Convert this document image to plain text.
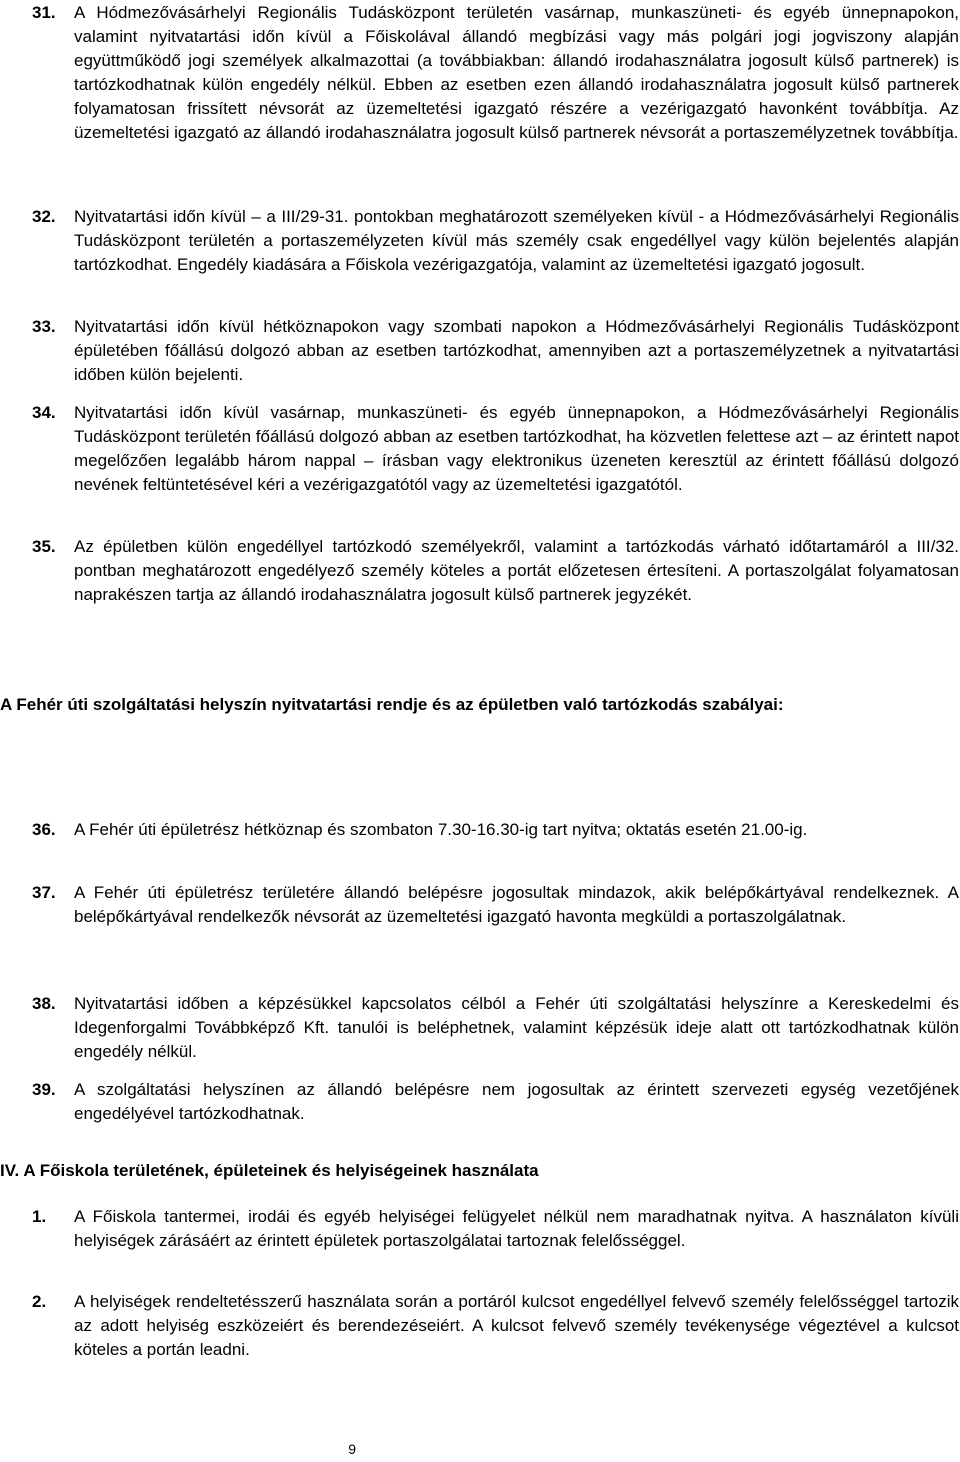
31. A Hódmezővásárhelyi Regionális Tudásközpont területén vasárnap, munkaszüneti- és egyéb ünnepnapokon, valamint nyitvatartási időn kívül a Főiskolával állandó megbízási vagy más polgári jogi jogviszony alapján együttműködő jogi személyek alkalmazottai (a továbbiakban: állandó irodahasználatra jogosult külső partnerek) is tartózkodhatnak külön engedély nélkül. Ebben az esetben ezen állandó irodahasználatra jogosult külső partnerek folyamatosan frissített névsorát az üzemeltetési igazgató részére a vezérigazgató havonként továbbítja. Az üzemeltetési igazgató az állandó irodahasználatra jogosult külső partnerek névsorát a portaszemélyzetnek továbbítja.
32. Nyitvatartási időn kívül – a III/29-31. pontokban meghatározott személyeken kívül - a Hódmezővásárhelyi Regionális Tudásközpont területén a portaszemélyzeten kívül más személy csak engedéllyel vagy külön bejelentés alapján tartózkodhat. Engedély kiadására a Főiskola vezérigazgatója, valamint az üzemeltetési igazgató jogosult.
33. Nyitvatartási időn kívül hétköznapokon vagy szombati napokon a Hódmezővásárhelyi Regionális Tudásközpont épületében főállású dolgozó abban az esetben tartózkodhat, amennyiben azt a portaszemélyzetnek a nyitvatartási időben külön bejelenti.
34. Nyitvatartási időn kívül vasárnap, munkaszüneti- és egyéb ünnepnapokon, a Hódmezővásárhelyi Regionális Tudásközpont területén főállású dolgozó abban az esetben tartózkodhat, ha közvetlen felettese azt – az érintett napot megelőzően legalább három nappal – írásban vagy elektronikus üzeneten keresztül az érintett főállású dolgozó nevének feltüntetésével kéri a vezérigazgatótól vagy az üzemeltetési igazgatótól.
35. Az épületben külön engedéllyel tartózkodó személyekről, valamint a tartózkodás várható időtartamáról a III/32. pontban meghatározott engedélyező személy köteles a portát előzetesen értesíteni. A portaszolgálat folyamatosan naprakészen tartja az állandó irodahasználatra jogosult külső partnerek jegyzékét.
A Fehér úti szolgáltatási helyszín nyitvatartási rendje és az épületben való tartózkodás szabályai:
36. A Fehér úti épületrész hétköznap és szombaton 7.30-16.30-ig tart nyitva; oktatás esetén 21.00-ig.
37. A Fehér úti épületrész területére állandó belépésre jogosultak mindazok, akik belépőkártyával rendelkeznek. A belépőkártyával rendelkezők névsorát az üzemeltetési igazgató havonta megküldi a portaszolgálatnak.
38. Nyitvatartási időben a képzésükkel kapcsolatos célból a Fehér úti szolgáltatási helyszínre a Kereskedelmi és Idegenforgalmi Továbbképző Kft. tanulói is beléphetnek, valamint képzésük ideje alatt ott tartózkodhatnak külön engedély nélkül.
39. A szolgáltatási helyszínen az állandó belépésre nem jogosultak az érintett szervezeti egység vezetőjének engedélyével tartózkodhatnak.
IV. A Főiskola területének, épületeinek és helyiségeinek használata
1. A Főiskola tantermei, irodái és egyéb helyiségei felügyelet nélkül nem maradhatnak nyitva. A használaton kívüli helyiségek zárásáért az érintett épületek portaszolgálatai tartoznak felelősséggel.
2. A helyiségek rendeltetésszerű használata során a portáról kulcsot engedéllyel felvevő személy felelősséggel tartozik az adott helyiség eszközeiért és berendezéseiért. A kulcsot felvevő személy tevékenysége végeztével a kulcsot köteles a portán leadni.
9
